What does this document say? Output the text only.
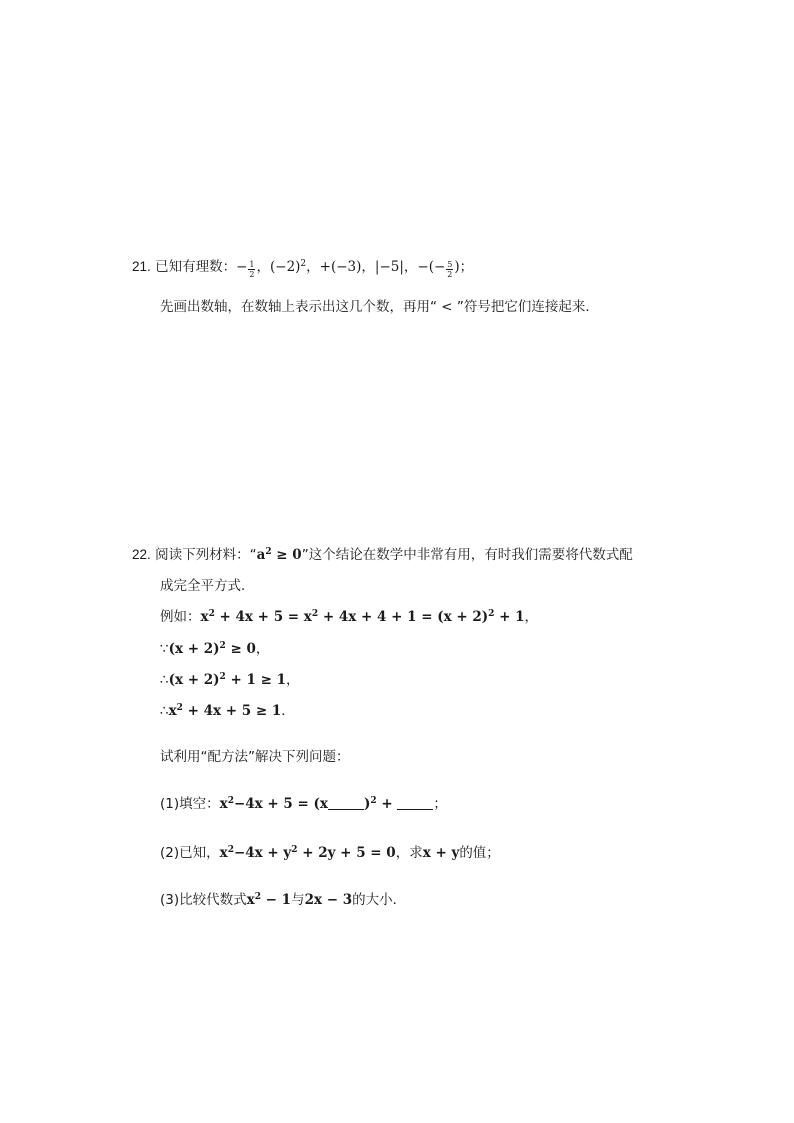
21. 已知有理数：− $\frac{1}{2}$ ，$(-2)^2$，+(−3)，|−5|，−(− $\frac{5}{2}$ )；
先画出数轴，在数轴上表示出这几个数，再用“ < ”符号把它们连接起来．
22. 阅读下列材料：“$a^2 \ge 0$”这个结论在数学中非常有用，有时我们需要将代数式配
成完全平方式．
例如：$x^2 + 4x + 5 = x^2 + 4x + 4 + 1 = (x + 2)^2 + 1$，
∵(x + 2)$^2$ ≥ 0，
∴(x + 2)$^2$ + 1 ≥ 1，
$\therefore x^2 + 4x + 5 \ge 1$．
试利用“配方法”解决下列问题：
(1)填空：$x^2-4x + 5 = (x$	)$^2$ +	；
(2)已知，$x^2-4x + y^2 + 2y + 5 = 0$，求x + y的值；
(3)比较代数式$x^2 - 1$与2x − 3的大小．
